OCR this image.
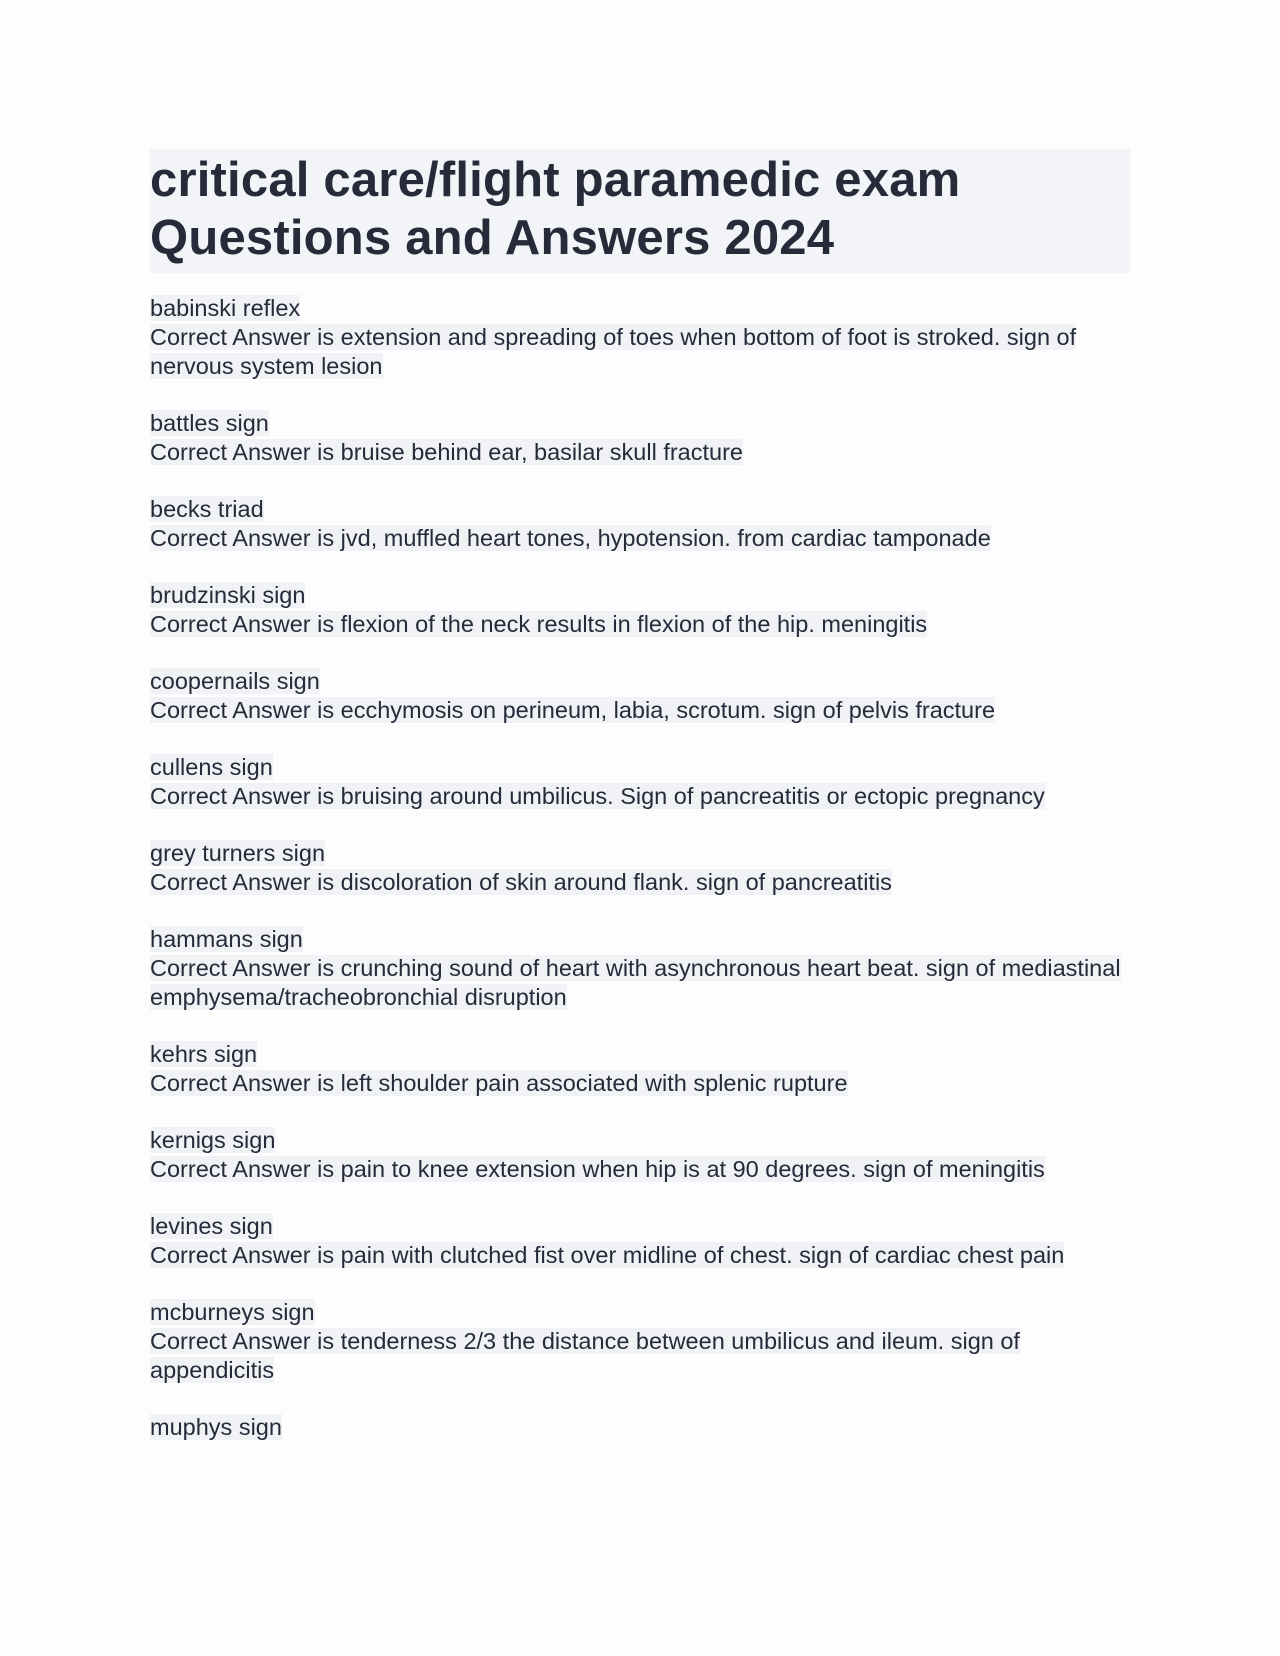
critical care/flight paramedic exam
Questions and Answers 2024
babinski reflex
Correct Answer is extension and spreading of toes when bottom of foot is stroked. sign of nervous system lesion
battles sign
Correct Answer is bruise behind ear, basilar skull fracture
becks triad
Correct Answer is jvd, muffled heart tones, hypotension. from cardiac tamponade
brudzinski sign
Correct Answer is flexion of the neck results in flexion of the hip. meningitis
coopernails sign
Correct Answer is ecchymosis on perineum, labia, scrotum. sign of pelvis fracture
cullens sign
Correct Answer is bruising around umbilicus. Sign of pancreatitis or ectopic pregnancy
grey turners sign
Correct Answer is discoloration of skin around flank. sign of pancreatitis
hammans sign
Correct Answer is crunching sound of heart with asynchronous heart beat. sign of mediastinal emphysema/tracheobronchial disruption
kehrs sign
Correct Answer is left shoulder pain associated with splenic rupture
kernigs sign
Correct Answer is pain to knee extension when hip is at 90 degrees. sign of meningitis
levines sign
Correct Answer is pain with clutched fist over midline of chest. sign of cardiac chest pain
mcburneys sign
Correct Answer is tenderness 2/3 the distance between umbilicus and ileum. sign of appendicitis
muphys sign
